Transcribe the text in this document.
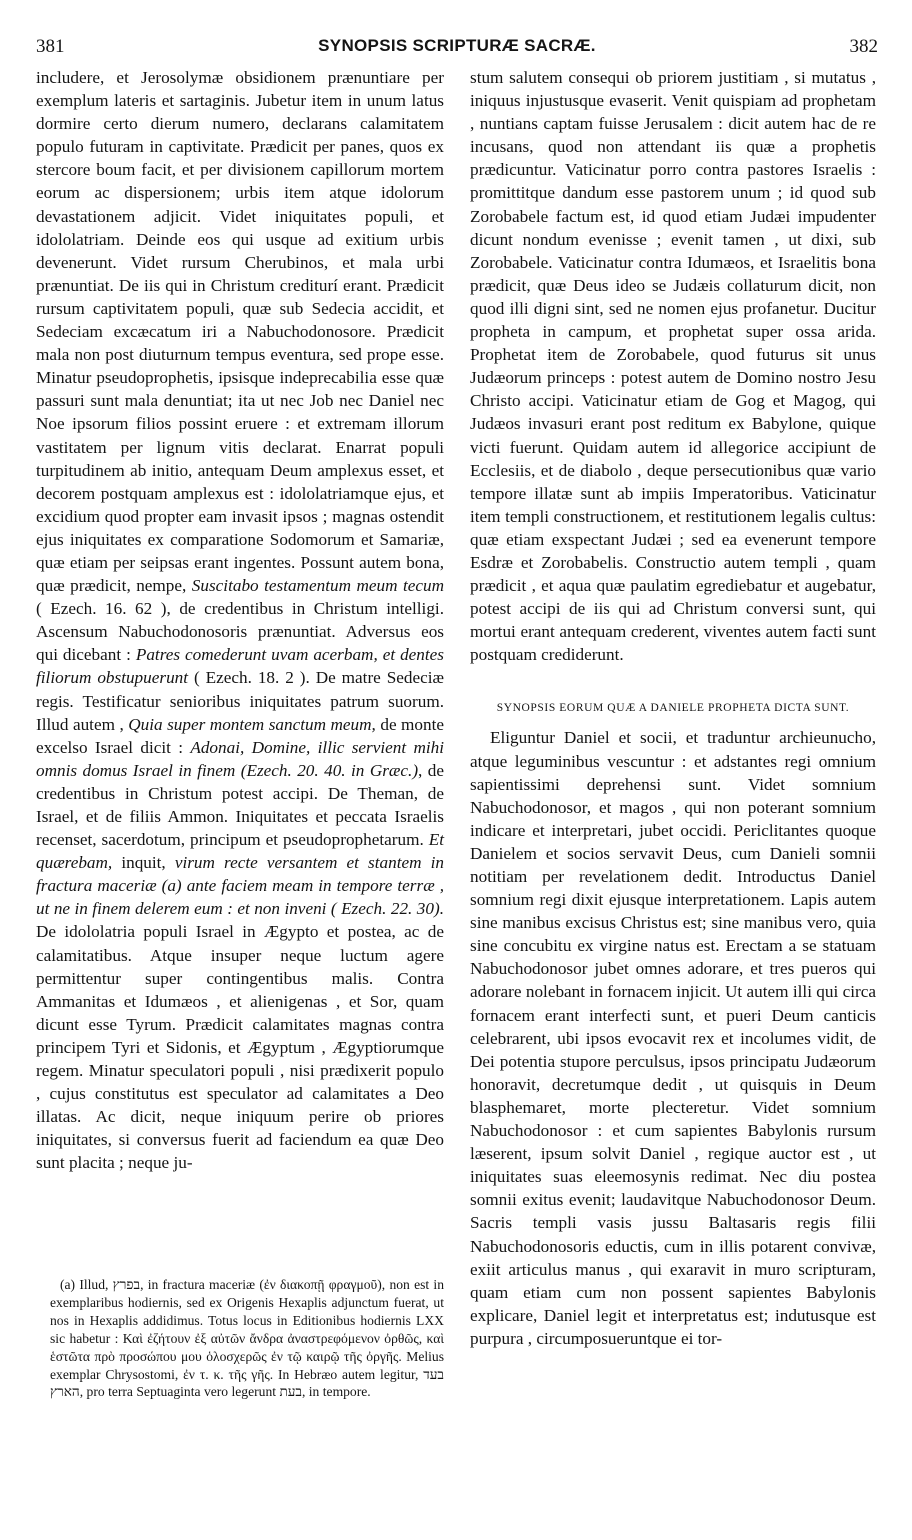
381	SYNOPSIS SCRIPTURÆ SACRÆ.	382

includere, et Jerosolymæ obsidionem prænuntiare per exemplum lateris et sartaginis. Jubetur item in unum latus dormire certo dierum numero, declarans calamitatem populo futuram in captivitate. Prædicit per panes, quos ex stercore boum facit, et per divisionem capillorum mortem eorum ac dispersionem; urbis item atque idolorum devastationem adjicit. Videt iniquitates populi, et idololatriam. Deinde eos qui usque ad exitium urbis devenerunt. Videt rursum Cherubinos, et mala urbi prænuntiat. De iis qui in Christum crediturí erant. Prædicit rursum captivitatem populi, quæ sub Sedecia accidit, et Sedeciam excæcatum iri a Nabuchodonosore. Prædicit mala non post diuturnum tempus eventura, sed prope esse. Minatur pseudoprophetis, ipsisque indeprecabilia esse quæ passuri sunt mala denuntiat; ita ut nec Job nec Daniel nec Noe ipsorum filios possint eruere : et extremam illorum vastitatem per lignum vitis declarat. Enarrat populi turpitudinem ab initio, antequam Deum amplexus esset, et decorem postquam amplexus est : idololatriamque ejus, et excidium quod propter eam invasit ipsos ; magnas ostendit ejus iniquitates ex comparatione Sodomorum et Samariæ, quæ etiam per seipsas erant ingentes. Possunt autem bona, quæ prædicit, nempe, Suscitabo testamentum meum tecum ( Ezech. 16. 62 ), de credentibus in Christum intelligi. Ascensum Nabuchodonosoris prænuntiat. Adversus eos qui dicebant : Patres comederunt uvam acerbam, et dentes filiorum obstupuerunt ( Ezech. 18. 2 ). De matre Sedeciæ regis. Testificatur senioribus iniquitates patrum suorum. Illud autem , Quia super montem sanctum meum, de monte excelso Israel dicit : Adonai, Domine, illic servient mihi omnis domus Israel in finem (Ezech. 20. 40. in Græc.), de credentibus in Christum potest accipi. De Theman, de Israel, et de filiis Ammon. Iniquitates et peccata Israelis recenset, sacerdotum, principum et pseudoprophetarum. Et quærebam, inquit, virum recte versantem et stantem in fractura maceriæ (a) ante faciem meam in tempore terræ , ut ne in finem delerem eum : et non inveni ( Ezech. 22. 30). De idololatria populi Israel in Ægypto et postea, ac de calamitatibus. Atque insuper neque luctum agere permittentur super contingentibus malis. Contra Ammanitas et Idumæos , et alienigenas , et Sor, quam dicunt esse Tyrum. Prædicit calamitates magnas contra principem Tyri et Sidonis, et Ægyptum , Ægyptiorumque regem. Minatur speculatori populi , nisi prædixerit populo , cujus constitutus est speculator ad calamitates a Deo illatas. Ac dicit, neque iniquum perire ob priores iniquitates, si conversus fuerit ad faciendum ea quæ Deo sunt placita ; neque ju-

(a) Illud, בפרץ, in fractura maceriæ (ἐν διακοπῇ φραγμοῦ), non est in exemplaribus hodiernis, sed ex Origenis Hexaplis adjunctum fuerat, ut nos in Hexaplis addidimus. Totus locus in Editionibus hodiernis LXX sic habetur : Καὶ ἐζήτουν ἐξ αὐτῶν ἄνδρα ἀναστρεφόμενον ὀρθῶς, καὶ ἑστῶτα πρὸ προσώπου μου ὁλοσχερῶς ἐν τῷ καιρῷ τῆς ὀργῆς. Melius exemplar Chrysostomi, ἐν τ. κ. τῆς γῆς. In Hebræo autem legitur, בעד הארץ, pro terra Septuaginta vero legerunt בעת, in tempore.

stum salutem consequi ob priorem justitiam , si mutatus , iniquus injustusque evaserit. Venit quispiam ad prophetam , nuntians captam fuisse Jerusalem : dicit autem hac de re incusans, quod non attendant iis quæ a prophetis prædicuntur. Vaticinatur porro contra pastores Israelis : promittitque dandum esse pastorem unum ; id quod sub Zorobabele factum est, id quod etiam Judæi impudenter dicunt nondum evenisse ; evenit tamen , ut dixi, sub Zorobabele. Vaticinatur contra Idumæos, et Israelitis bona prædicit, quæ Deus ideo se Judæis collaturum dicit, non quod illi digni sint, sed ne nomen ejus profanetur. Ducitur propheta in campum, et prophetat super ossa arida. Prophetat item de Zorobabele, quod futurus sit unus Judæorum princeps : potest autem de Domino nostro Jesu Christo accipi. Vaticinatur etiam de Gog et Magog, qui Judæos invasuri erant post reditum ex Babylone, quique victi fuerunt. Quidam autem id allegorice accipiunt de Ecclesiis, et de diabolo , deque persecutionibus quæ vario tempore illatæ sunt ab impiis Imperatoribus. Vaticinatur item templi constructionem, et restitutionem legalis cultus: quæ etiam exspectant Judæi ; sed ea evenerunt tempore Esdræ et Zorobabelis. Constructio autem templi , quam prædicit , et aqua quæ paulatim egrediebatur et augebatur, potest accipi de iis qui ad Christum conversi sunt, qui mortui erant antequam crederent, viventes autem facti sunt postquam crediderunt.

SYNOPSIS EORUM QUÆ A DANIELE PROPHETA DICTA SUNT.

Eliguntur Daniel et socii, et traduntur archieunucho, atque leguminibus vescuntur : et adstantes regi omnium sapientissimi deprehensi sunt. Videt somnium Nabuchodonosor, et magos , qui non poterant somnium indicare et interpretari, jubet occidi. Periclitantes quoque Danielem et socios servavit Deus, cum Danieli somnii notitiam per revelationem dedit. Introductus Daniel somnium regi dixit ejusque interpretationem. Lapis autem sine manibus excisus Christus est; sine manibus vero, quia sine concubitu ex virgine natus est. Erectam a se statuam Nabuchodonosor jubet omnes adorare, et tres pueros qui adorare nolebant in fornacem injicit. Ut autem illi qui circa fornacem erant interfecti sunt, et pueri Deum canticis celebrarent, ubi ipsos evocavit rex et incolumes vidit, de Dei potentia stupore perculsus, ipsos principatu Judæorum honoravit, decretumque dedit , ut quisquis in Deum blasphemaret, morte plecteretur. Videt somnium Nabuchodonosor : et cum sapientes Babylonis rursum læserent, ipsum solvit Daniel , regique auctor est , ut iniquitates suas eleemosynis redimat. Nec diu postea somnii exitus evenit; laudavitque Nabuchodonosor Deum. Sacris templi vasis jussu Baltasaris regis filii Nabuchodonosoris eductis, cum in illis potarent convivæ, exiit articulus manus , qui exaravit in muro scripturam, quam etiam cum non possent sapientes Babylonis explicare, Daniel legit et interpretatus est; indutusque est purpura , circumposueruntque ei tor-
